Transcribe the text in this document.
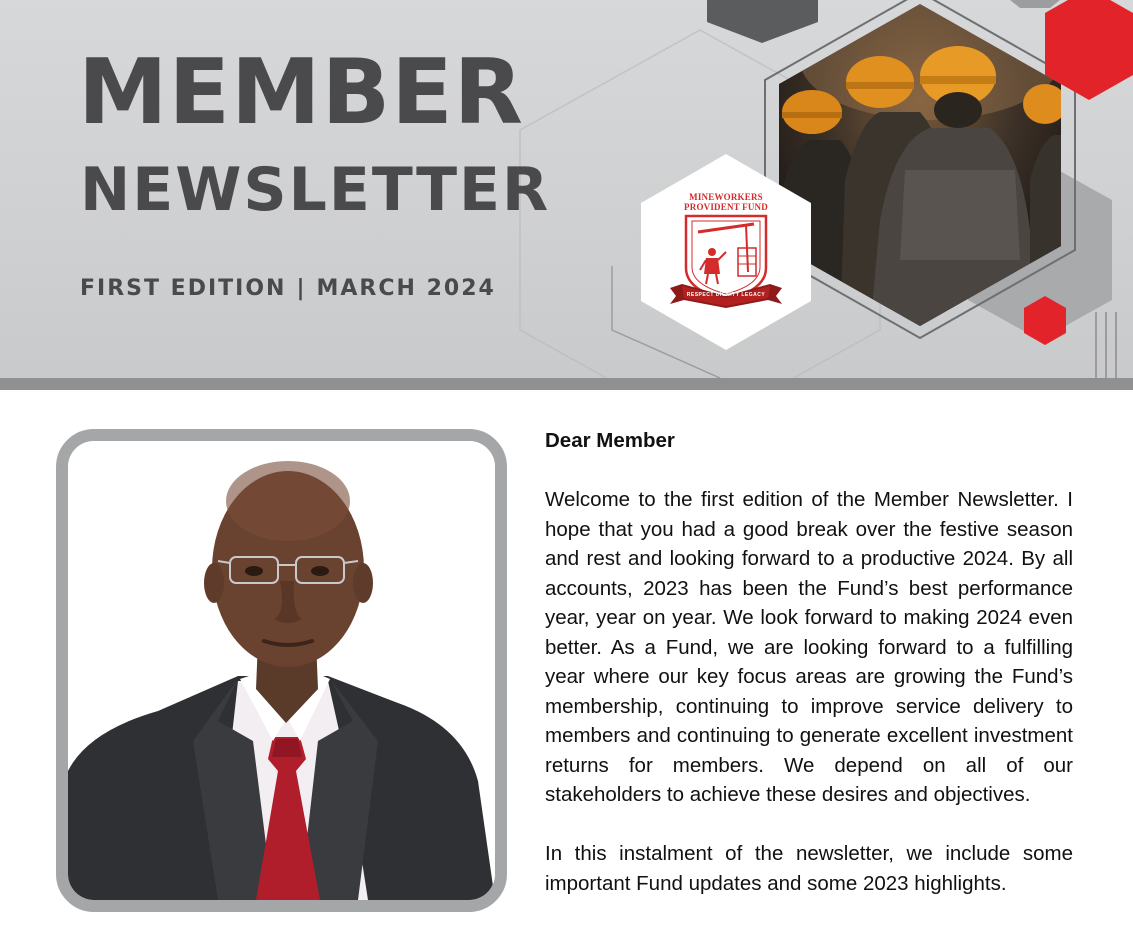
MEMBER
NEWSLETTER
FIRST EDITION | MARCH 2024
MINEWORKERS
PROVIDENT FUND
RESPECT DIGNITY LEGACY
Dear Member

Welcome to the first edition of the Member Newsletter. I hope that you had a good break over the festive season and rest and looking forward to a productive 2024. By all accounts, 2023 has been the Fund’s best performance year, year on year. We look forward to making 2024 even better. As a Fund, we are looking forward to a fulfilling year where our key focus areas are growing the Fund’s membership, continuing to improve service delivery to members and continuing to generate excellent investment returns for members. We depend on all of our stakeholders to achieve these desires and objectives.

In this instalment of the newsletter, we include some important Fund updates and some 2023 highlights.
